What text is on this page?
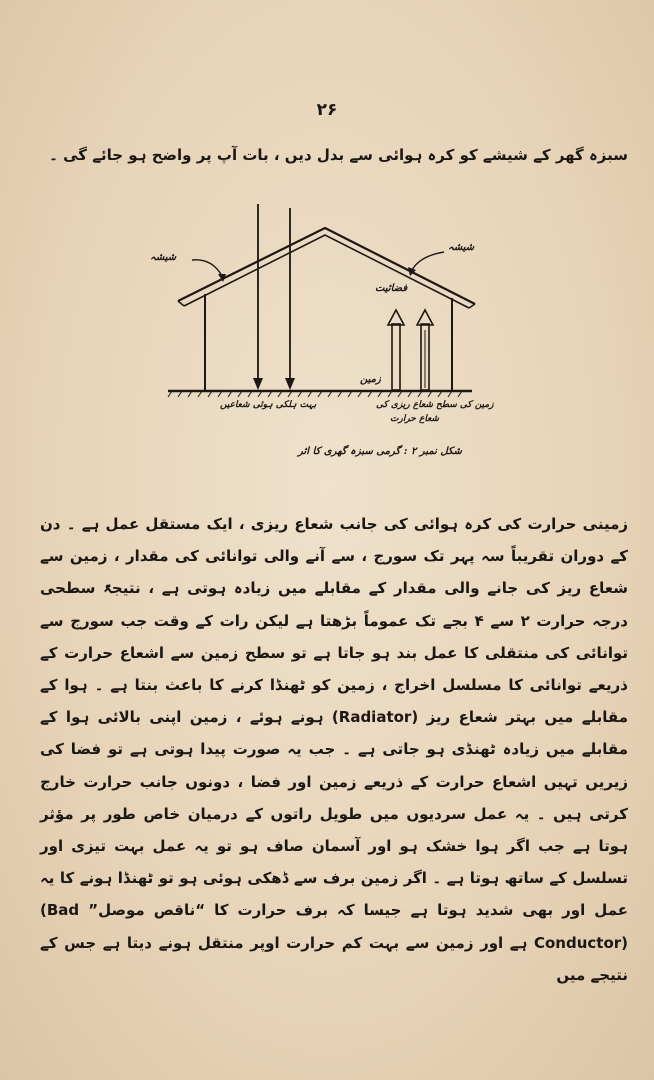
۲۶

سبزہ گھر کے شیشے کو کرہ ہوائی سے بدل دیں ، بات آپ پر واضح ہو جائے گی ۔

شیشہ
شیشہ
فضائیت
زمین
بہت ہلکی ہوئی شعاعیں	زمین کی سطح شعاع ریزی کی
شعاع حرارت
شکل نمبر ۲ : گرمی سبزہ گھری کا اثر

زمینی حرارت کی کرہ ہوائی کی جانب شعاع ریزی ، ایک مستقل عمل ہے ۔ دن کے دوران تقریباً سہ پہر تک سورج ، سے آنے والی توانائی کی مقدار ، زمین سے شعاع ریز کی جانے والی مقدار کے مقابلے میں زیادہ ہوتی ہے ، نتیجۃً سطحی درجہ حرارت ۲ سے ۴ بجے تک عموماً بڑھتا ہے لیکن رات کے وقت جب سورج سے توانائی کی منتقلی کا عمل بند ہو جاتا ہے تو سطح زمین سے اشعاع حرارت کے ذریعے توانائی کا مسلسل اخراج ، زمین کو ٹھنڈا کرنے کا باعث بنتا ہے ۔ ہوا کے مقابلے میں بہتر شعاع ریز (Radiator) ہونے ہوئے ، زمین اپنی بالائی ہوا کے مقابلے میں زیادہ ٹھنڈی ہو جاتی ہے ۔ جب یہ صورت پیدا ہوتی ہے تو فضا کی زیریں تہیں اشعاع حرارت کے ذریعے زمین اور فضا ، دونوں جانب حرارت خارج کرتی ہیں ۔ یہ عمل سردیوں میں طویل راتوں کے درمیان خاص طور پر مؤثر ہوتا ہے جب اگر ہوا خشک ہو اور آسمان صاف ہو تو یہ عمل بہت تیزی اور تسلسل کے ساتھ ہوتا ہے ۔ اگر زمین برف سے ڈھکی ہوئی ہو تو ٹھنڈا ہونے کا یہ عمل اور بھی شدید ہوتا ہے جیسا کہ برف حرارت کا “ناقص موصل” (Bad Conductor) ہے اور زمین سے بہت کم حرارت اوپر منتقل ہونے دیتا ہے جس کے نتیجے میں
